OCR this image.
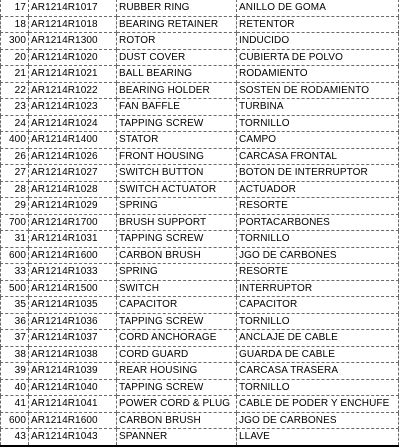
17	AR1214R1017	RUBBER RING	ANILLO DE GOMA
18	AR1214R1018	BEARING RETAINER	RETENTOR
300	AR1214R1300	ROTOR	INDUCIDO
20	AR1214R1020	DUST COVER	CUBIERTA DE POLVO
21	AR1214R1021	BALL BEARING	RODAMIENTO
22	AR1214R1022	BEARING HOLDER	SOSTEN DE RODAMIENTO
23	AR1214R1023	FAN BAFFLE	TURBINA
24	AR1214R1024	TAPPING SCREW	TORNILLO
400	AR1214R1400	STATOR	CAMPO
26	AR1214R1026	FRONT HOUSING	CARCASA FRONTAL
27	AR1214R1027	SWITCH BUTTON	BOTON DE INTERRUPTOR
28	AR1214R1028	SWITCH ACTUATOR	ACTUADOR
29	AR1214R1029	SPRING	RESORTE
700	AR1214R1700	BRUSH SUPPORT	PORTACARBONES
31	AR1214R1031	TAPPING SCREW	TORNILLO
600	AR1214R1600	CARBON BRUSH	JGO DE CARBONES
33	AR1214R1033	SPRING	RESORTE
500	AR1214R1500	SWITCH	INTERRUPTOR
35	AR1214R1035	CAPACITOR	CAPACITOR
36	AR1214R1036	TAPPING SCREW	TORNILLO
37	AR1214R1037	CORD ANCHORAGE	ANCLAJE DE CABLE
38	AR1214R1038	CORD GUARD	GUARDA DE CABLE
39	AR1214R1039	REAR HOUSING	CARCASA TRASERA
40	AR1214R1040	TAPPING SCREW	TORNILLO
41	AR1214R1041	POWER CORD & PLUG	CABLE DE PODER Y ENCHUFE
600	AR1214R1600	CARBON BRUSH	JGO DE CARBONES
43	AR1214R1043	SPANNER	LLAVE
